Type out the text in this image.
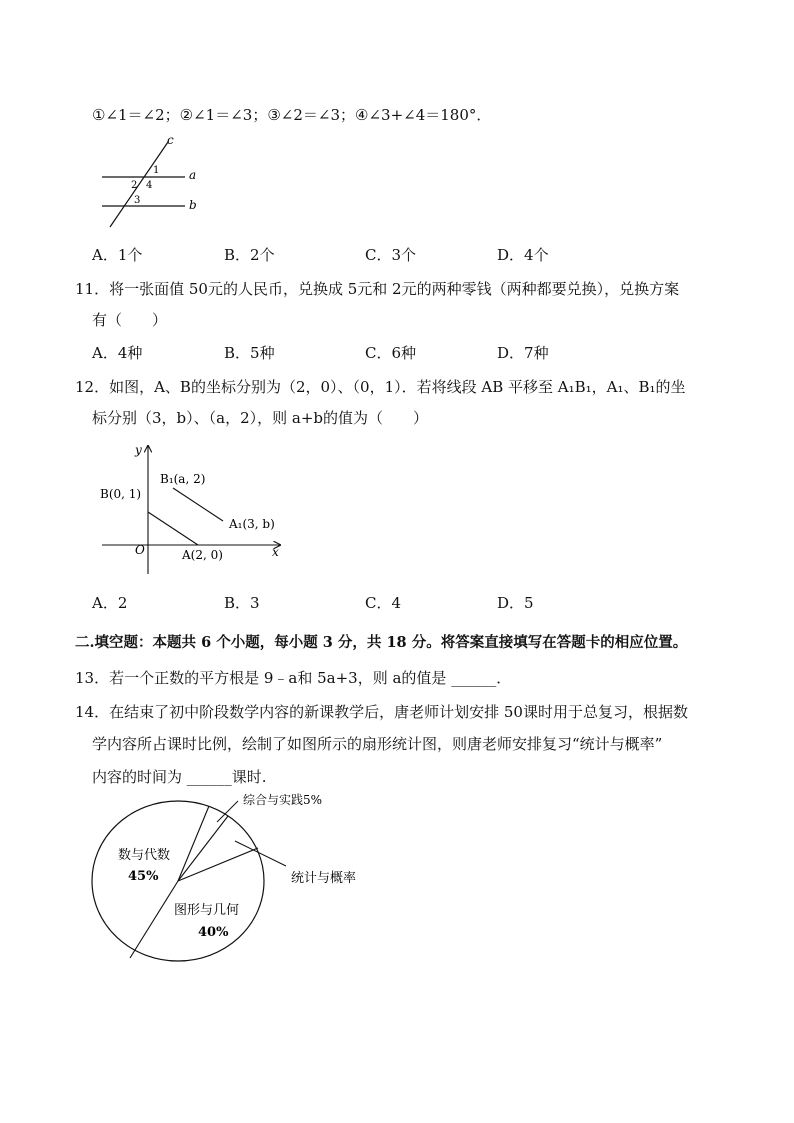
①∠1＝∠2；②∠1＝∠3；③∠2＝∠3；④∠3+∠4＝180°．
c
a
b
1
2 4
3
A．1个	B．2个	C．3个	D．4个
11．将一张面值 50元的人民币，兑换成 5元和 2元的两种零钱（两种都要兑换），兑换方案
有（　　）
A．4种	B．5种	C．6种	D．7种
12．如图，A、B的坐标分别为（2，0）、（0，1）．若将线段 AB 平移至 A₁B₁，A₁、B₁的坐
标分别（3，b）、（a，2），则 a+b的值为（　　）
y
x
O
B(0, 1)
A(2, 0)
B₁(a, 2)
A₁(3, b)
A．2	B．3	C．4	D．5
二.填空题：本题共 6 个小题，每小题 3 分，共 18 分。将答案直接填写在答题卡的相应位置。
13．若一个正数的平方根是 9﹣a和 5a+3，则 a的值是 ______．
14．在结束了初中阶段数学内容的新课教学后，唐老师计划安排 50课时用于总复习，根据数
学内容所占课时比例，绘制了如图所示的扇形统计图，则唐老师安排复习“统计与概率”
内容的时间为 ______课时.
数与代数
45%
图形与几何
40%
综合与实践5%
统计与概率
